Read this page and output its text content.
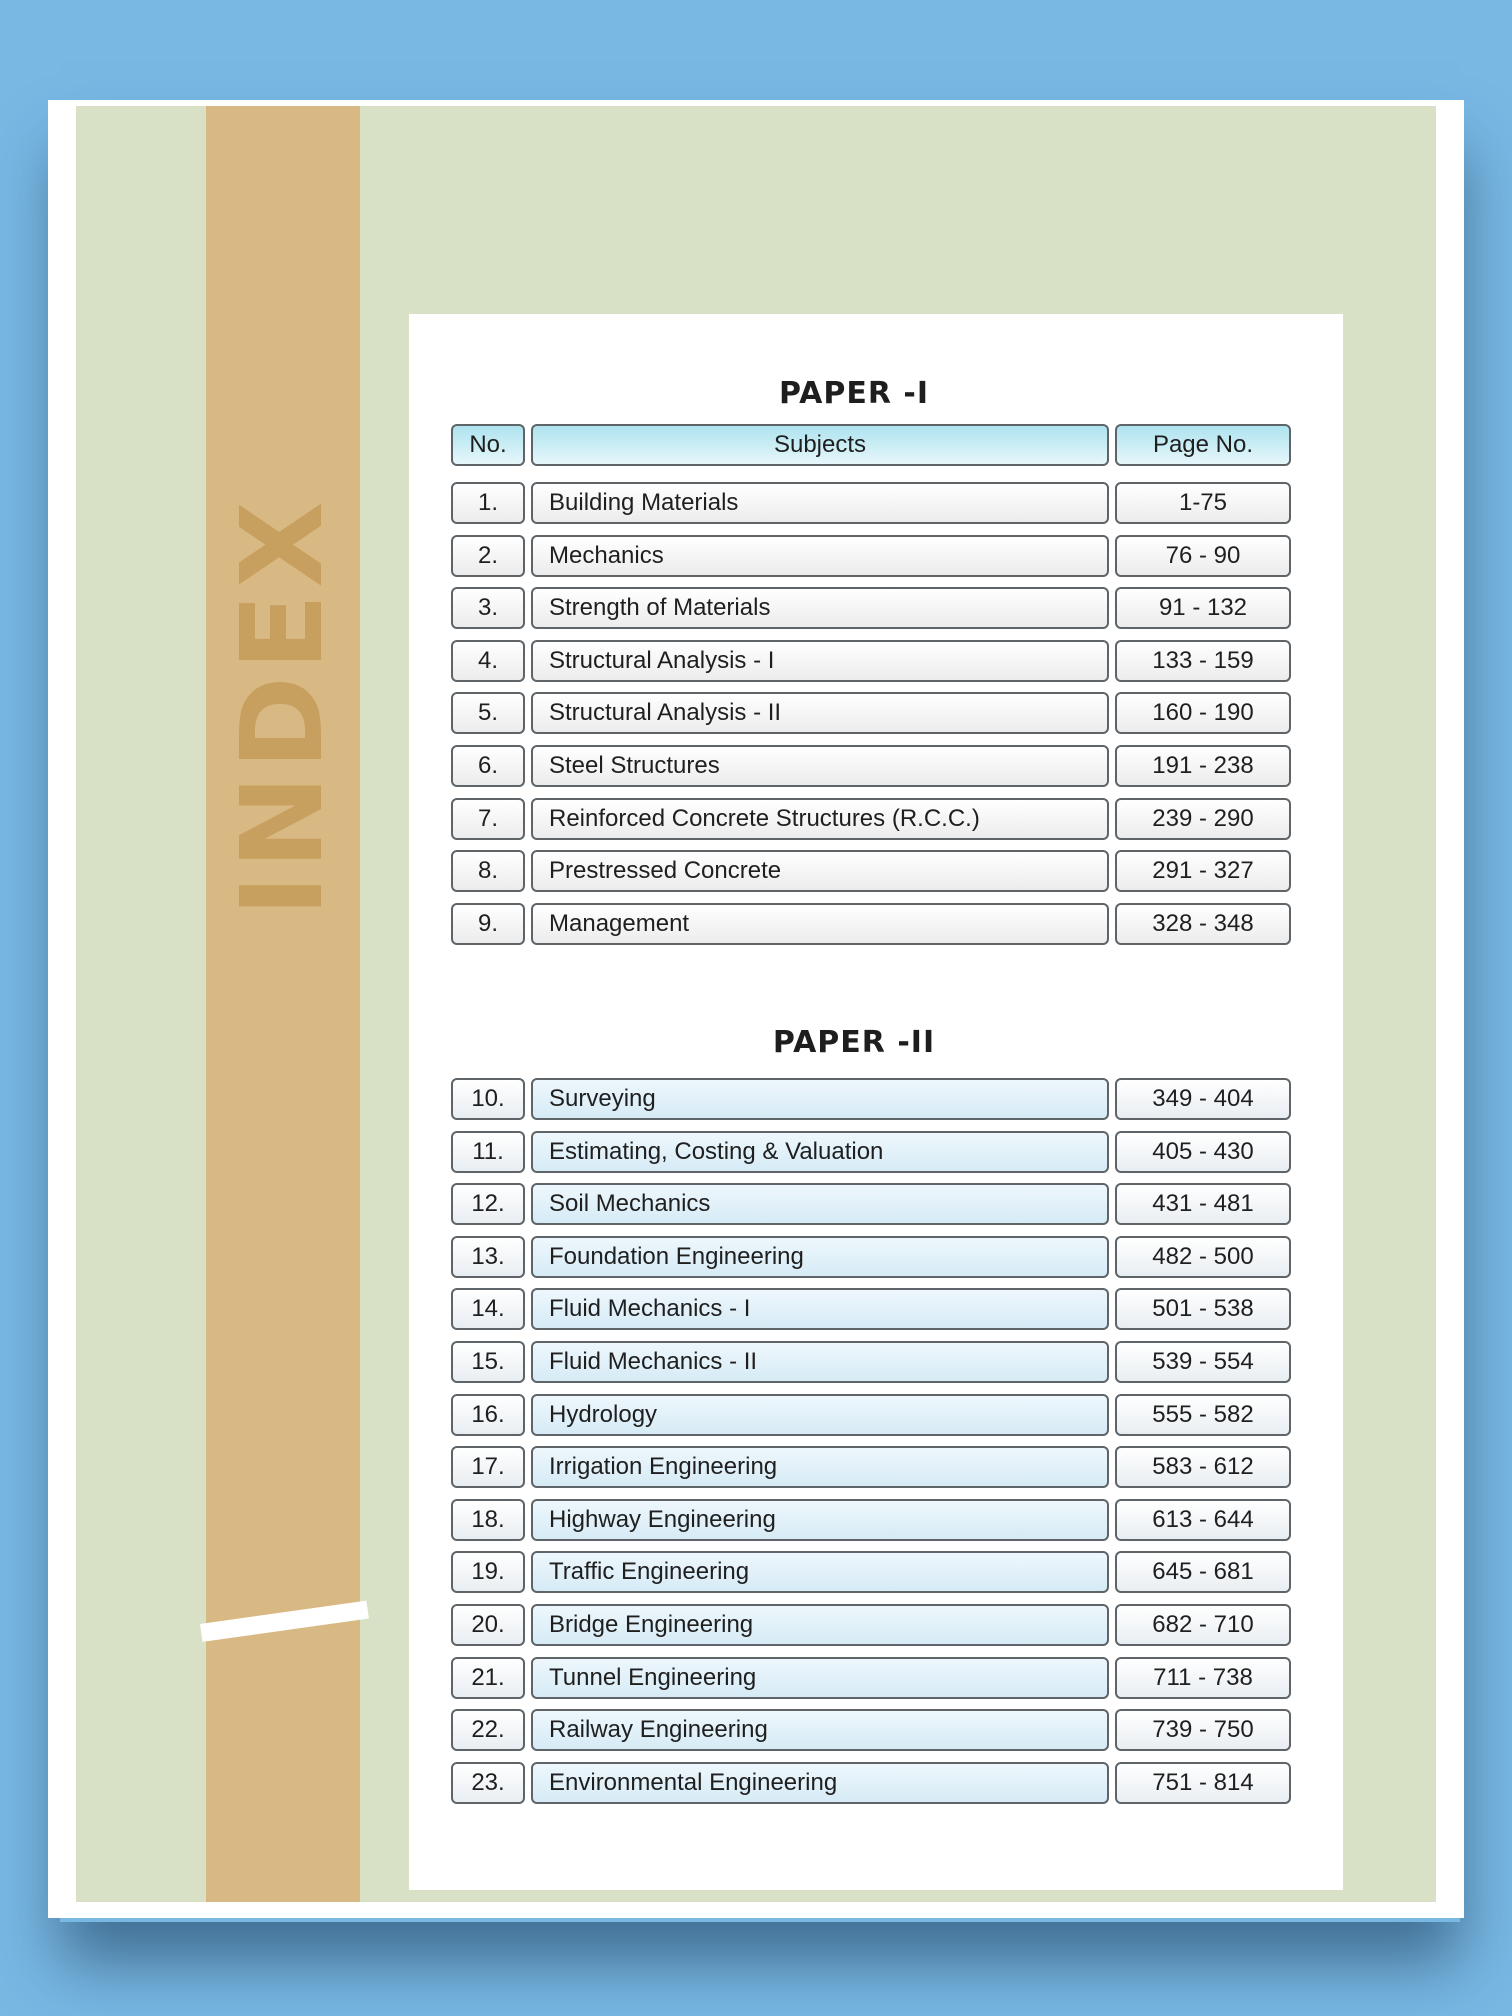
INDEX
PAPER -I
No.	Subjects	Page No.
1.	Building Materials	1-75
2.	Mechanics	76 - 90
3.	Strength of Materials	91 - 132
4.	Structural Analysis - I	133 - 159
5.	Structural Analysis - II	160 - 190
6.	Steel Structures	191 - 238
7.	Reinforced Concrete Structures (R.C.C.)	239 - 290
8.	Prestressed Concrete	291 - 327
9.	Management	328 - 348
PAPER -II
10.	Surveying	349 - 404
11.	Estimating, Costing & Valuation	405 - 430
12.	Soil Mechanics	431 - 481
13.	Foundation Engineering	482 - 500
14.	Fluid Mechanics - I	501 - 538
15.	Fluid Mechanics - II	539 - 554
16.	Hydrology	555 - 582
17.	Irrigation Engineering	583 - 612
18.	Highway Engineering	613 - 644
19.	Traffic Engineering	645 - 681
20.	Bridge Engineering	682 - 710
21.	Tunnel Engineering	711 - 738
22.	Railway Engineering	739 - 750
23.	Environmental Engineering	751 - 814
